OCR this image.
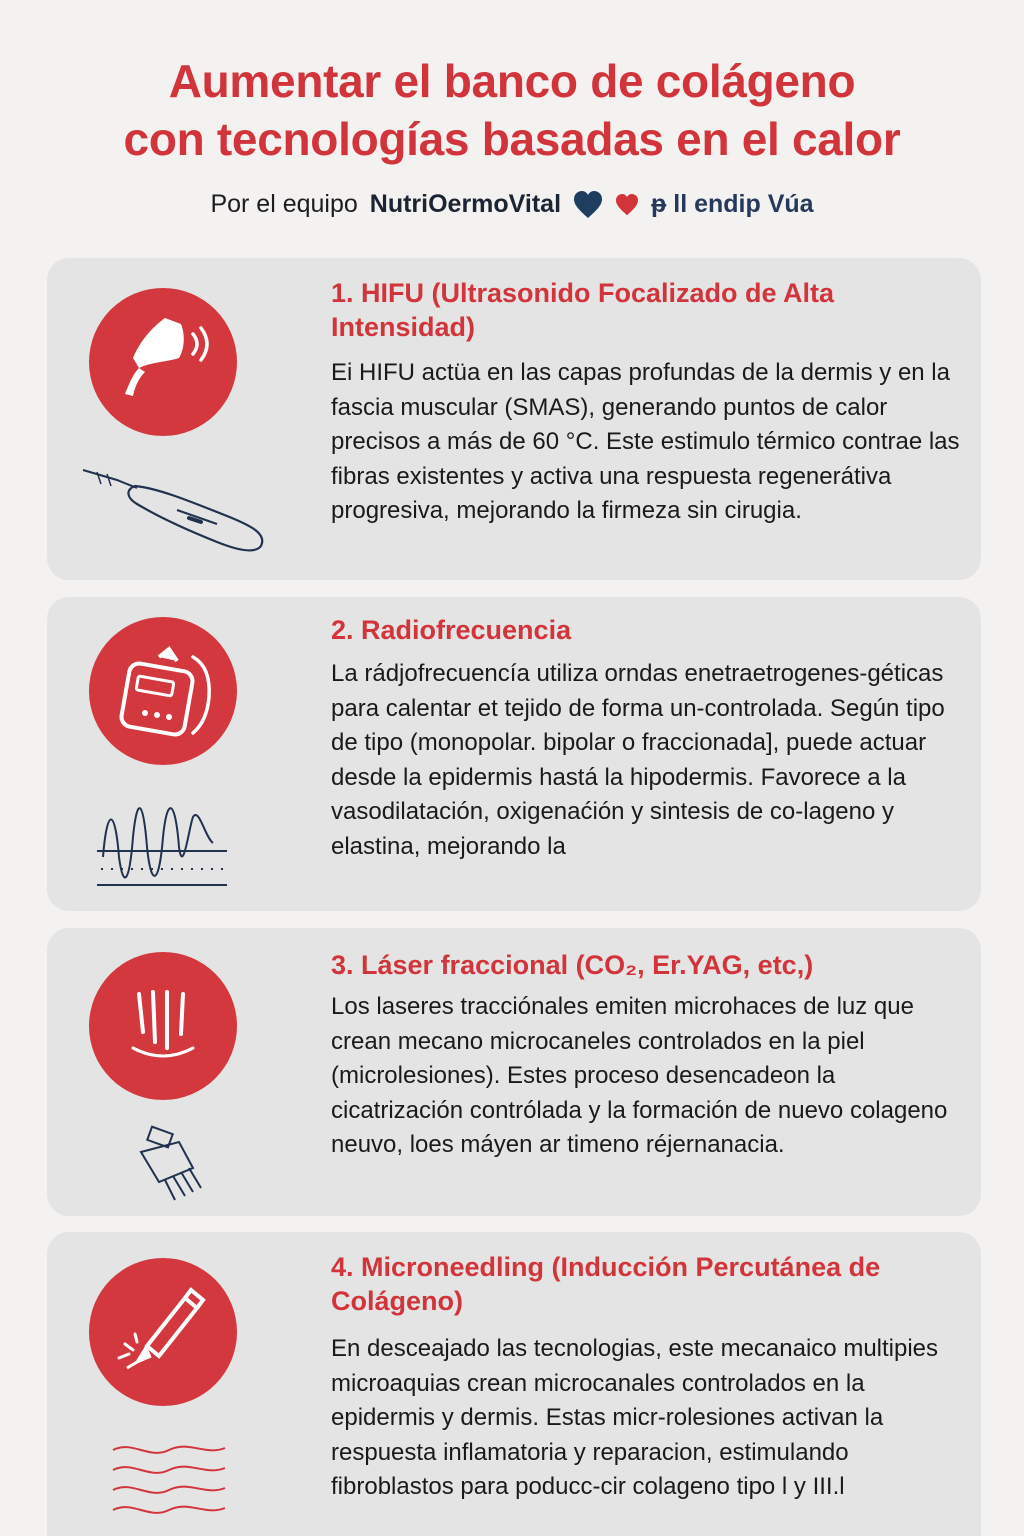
Aumentar el banco de colágeno
con tecnologías basadas en el calor
Por el equipo NutriOermoVital	ᵽ ll endip Vúa
1. HIFU (Ultrasonido Focalizado de Alta Intensidad)

Ei HIFU actüa en las capas profundas de la dermis y en la fascia muscular (SMAS), generando puntos de calor precisos a más de 60 °C. Este estimulo térmico contrae las fibras existentes y activa una respuesta regenerátiva progresiva, mejorando la firmeza sin cirugia.

2. Radiofrecuencia

La rádjofrecuencía utiliza orndas enetraetrogenes-géticas para calentar et tejido de forma un-controlada. Según tipo de tipo (monopolar. bipolar o fraccionada], puede actuar desde la epidermis hastá la hipodermis. Favorece a la vasodilatación, oxigenaćión y sintesis de co-lageno y elastina, mejorando la

3. Láser fraccional (CO₂, Er.YAG, etc,)

Los laseres tracciónales emiten microhaces de luz que crean mecano microcaneles controlados en la piel (microlesiones). Estes proceso desencadeon la cicatrización contrólada y la formación de nuevo colageno neuvo, loes máyen ar timeno réjernanacia.

4. Microneedling (Inducción Percutánea de Colágeno)

En desceajado las tecnologias, este mecanaico multipies microaquias crean microcanales controlados en la epidermis y dermis. Estas micr-rolesiones activan la respuesta inflamatoria y reparacion, estimulando fibroblastos para poducc-cir colageno tipo l y III.l
